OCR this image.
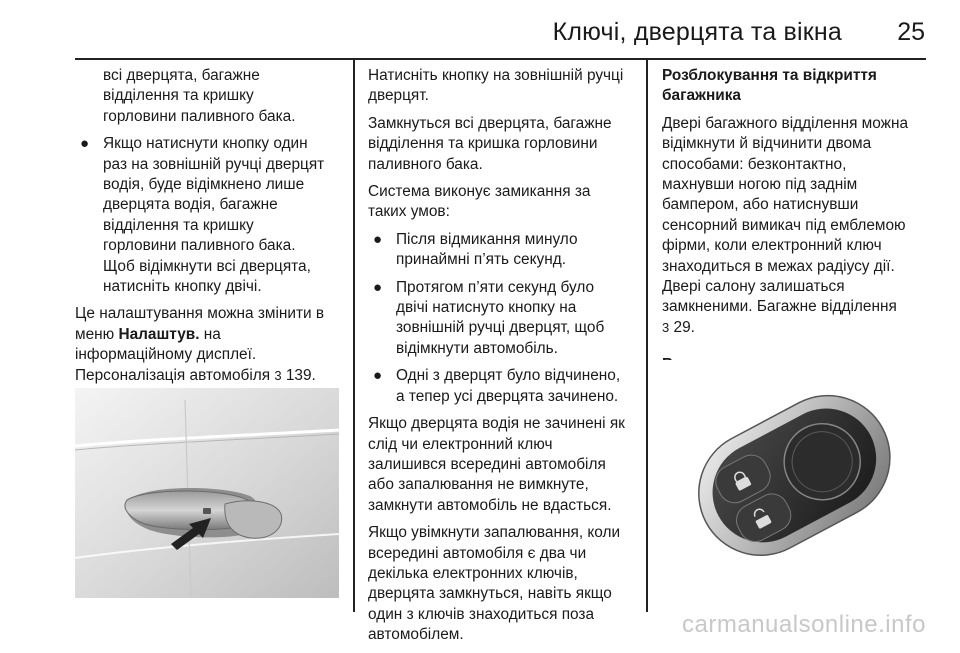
Ключі, дверцята та вікна 25
всі дверцята, багажне
відділення та кришку
горловини паливного бака.
● Якщо натиснути кнопку один
раз на зовнішній ручці дверцят
водія, буде відімкнено лише
дверцята водія, багажне
відділення та кришку
горловини паливного бака.
Щоб відімкнути всі дверцята,
натисніть кнопку двічі.

Це налаштування можна змінити в
меню Налаштув. на
інформаційному дисплеї.
Персоналізація автомобіля 3 139.

Натисніть кнопку на зовнішній ручці
дверцят.

Замкнуться всі дверцята, багажне
відділення та кришка горловини
паливного бака.

Система виконує замикання за
таких умов:

● Після відмикання минуло
принаймні п’ять секунд.
● Протягом п’яти секунд було
двічі натиснуто кнопку на
зовнішній ручці дверцят, щоб
відімкнути автомобіль.
● Одні з дверцят було відчинено,
а тепер усі дверцята зачинено.

Якщо дверцята водія не зачинені як
слід чи електронний ключ
залишився всередині автомобіля
або запалювання не вимкнуте,
замкнути автомобіль не вдасться.

Якщо увімкнути запалювання, коли
всередині автомобіля є два чи
декілька електронних ключів,
дверцята замкнуться, навіть якщо
один з ключів знаходиться поза
автомобілем.

Розблокування та відкриття
багажника

Двері багажного відділення можна
відімкнути й відчинити двома
способами: безконтактно,
махнувши ногою під заднім
бампером, або натиснувши
сенсорний вимикач під емблемою
фірми, коли електронний ключ
знаходиться в межах радіусу дії.
Двері салону залишаться
замкненими. Багажне відділення
3 29.

carmanualsonline.info
